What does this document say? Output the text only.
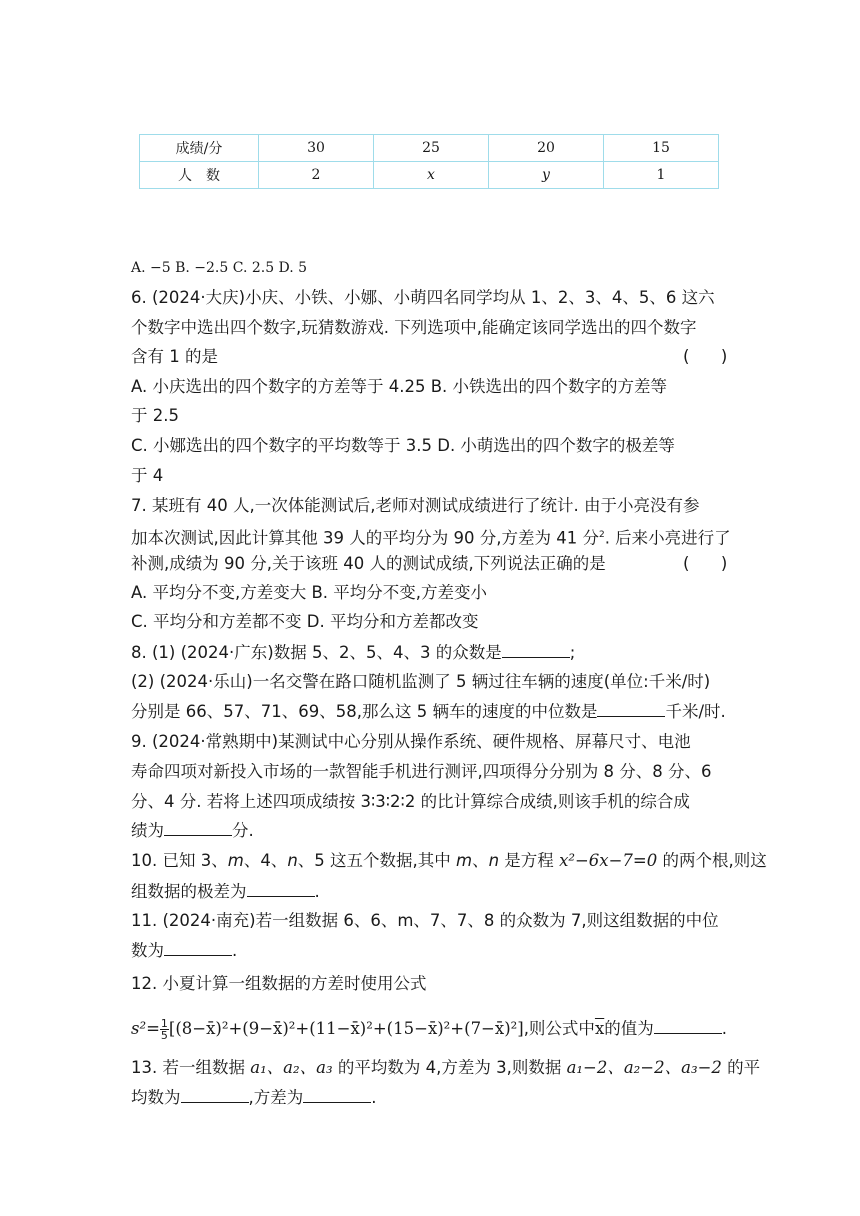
成绩/分	30	25	20	15
人　数	2	x	y	1
A. −5 B. −2.5 C. 2.5 D. 5
6. (2024·大庆)小庆、小铁、小娜、小萌四名同学均从 1、2、3、4、5、6 这六
个数字中选出四个数字,玩猜数游戏. 下列选项中,能确定该同学选出的四个数字
含有 1 的是	(      )
A. 小庆选出的四个数字的方差等于 4.25 B. 小铁选出的四个数字的方差等
于 2.5
C. 小娜选出的四个数字的平均数等于 3.5 D. 小萌选出的四个数字的极差等
于 4
7. 某班有 40 人,一次体能测试后,老师对测试成绩进行了统计. 由于小亮没有参
加本次测试,因此计算其他 39 人的平均分为 90 分,方差为 41 分$^2$. 后来小亮进行了
补测,成绩为 90 分,关于该班 40 人的测试成绩,下列说法正确的是	(      )
A. 平均分不变,方差变大 B. 平均分不变,方差变小
C. 平均分和方差都不变 D. 平均分和方差都改变
8. (1) (2024·广东)数据 5、2、5、4、3 的众数是	;
(2) (2024·乐山)一名交警在路口随机监测了 5 辆过往车辆的速度(单位:千米/时)
分别是 66、57、71、69、58,那么这 5 辆车的速度的中位数是	千米/时.
9. (2024·常熟期中)某测试中心分别从操作系统、硬件规格、屏幕尺寸、电池
寿命四项对新投入市场的一款智能手机进行测评,四项得分分别为 8 分、8 分、6
分、4 分. 若将上述四项成绩按 3∶3∶2∶2 的比计算综合成绩,则该手机的综合成
绩为	分.
10. 已知 3、m、4、n、5 这五个数据,其中 m、n 是方程 x²−6x−7=0 的两个根,则这
组数据的极差为	.
11. (2024·南充)若一组数据 6、6、m、7、7、8 的众数为 7,则这组数据的中位
数为	.
12. 小夏计算一组数据的方差时使用公式
$s^2= \frac{1}{5}$ [(8−x̄)²+(9−x̄)²+(11−x̄)²+(15−x̄)²+(7−x̄)²],则公式中$\overline{x}$的值为	.
13. 若一组数据 a₁、a₂、a₃ 的平均数为 4,方差为 3,则数据 a₁−2、a₂−2、a₃−2 的平
均数为	,方差为	.
